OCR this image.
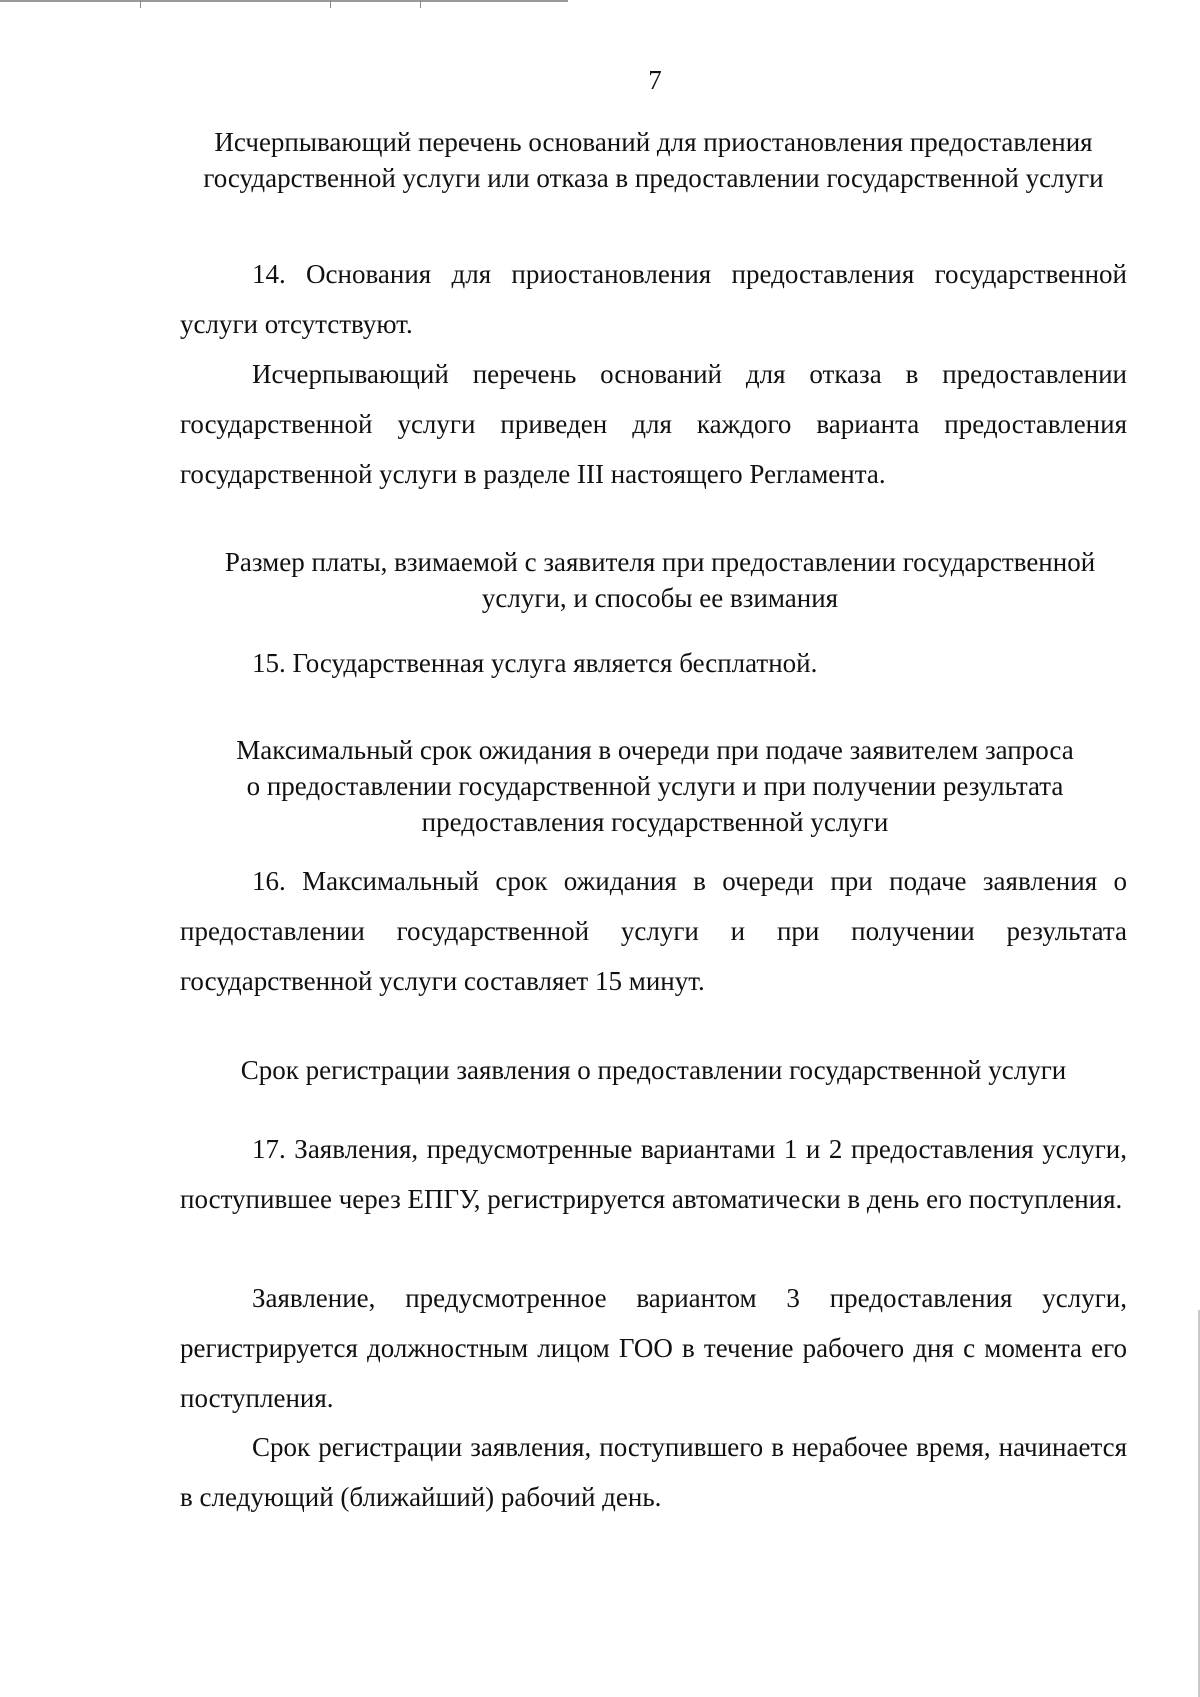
7
Исчерпывающий перечень оснований для приостановления предоставления государственной услуги или отказа в предоставлении государственной услуги
14. Основания для приостановления предоставления государственной услуги отсутствуют.
Исчерпывающий перечень оснований для отказа в предоставлении государственной услуги приведен для каждого варианта предоставления государственной услуги в разделе III настоящего Регламента.
Размер платы, взимаемой с заявителя при предоставлении государственной услуги, и способы ее взимания
15. Государственная услуга является бесплатной.
Максимальный срок ожидания в очереди при подаче заявителем запроса о предоставлении государственной услуги и при получении результата предоставления государственной услуги
16. Максимальный срок ожидания в очереди при подаче заявления о предоставлении государственной услуги и при получении результата государственной услуги составляет 15 минут.
Срок регистрации заявления о предоставлении государственной услуги
17. Заявления, предусмотренные вариантами 1 и 2 предоставления услуги, поступившее через ЕПГУ, регистрируется автоматически в день его поступления.
Заявление, предусмотренное вариантом 3 предоставления услуги, регистрируется должностным лицом ГОО в течение рабочего дня с момента его поступления.
Срок регистрации заявления, поступившего в нерабочее время, начинается в следующий (ближайший) рабочий день.
